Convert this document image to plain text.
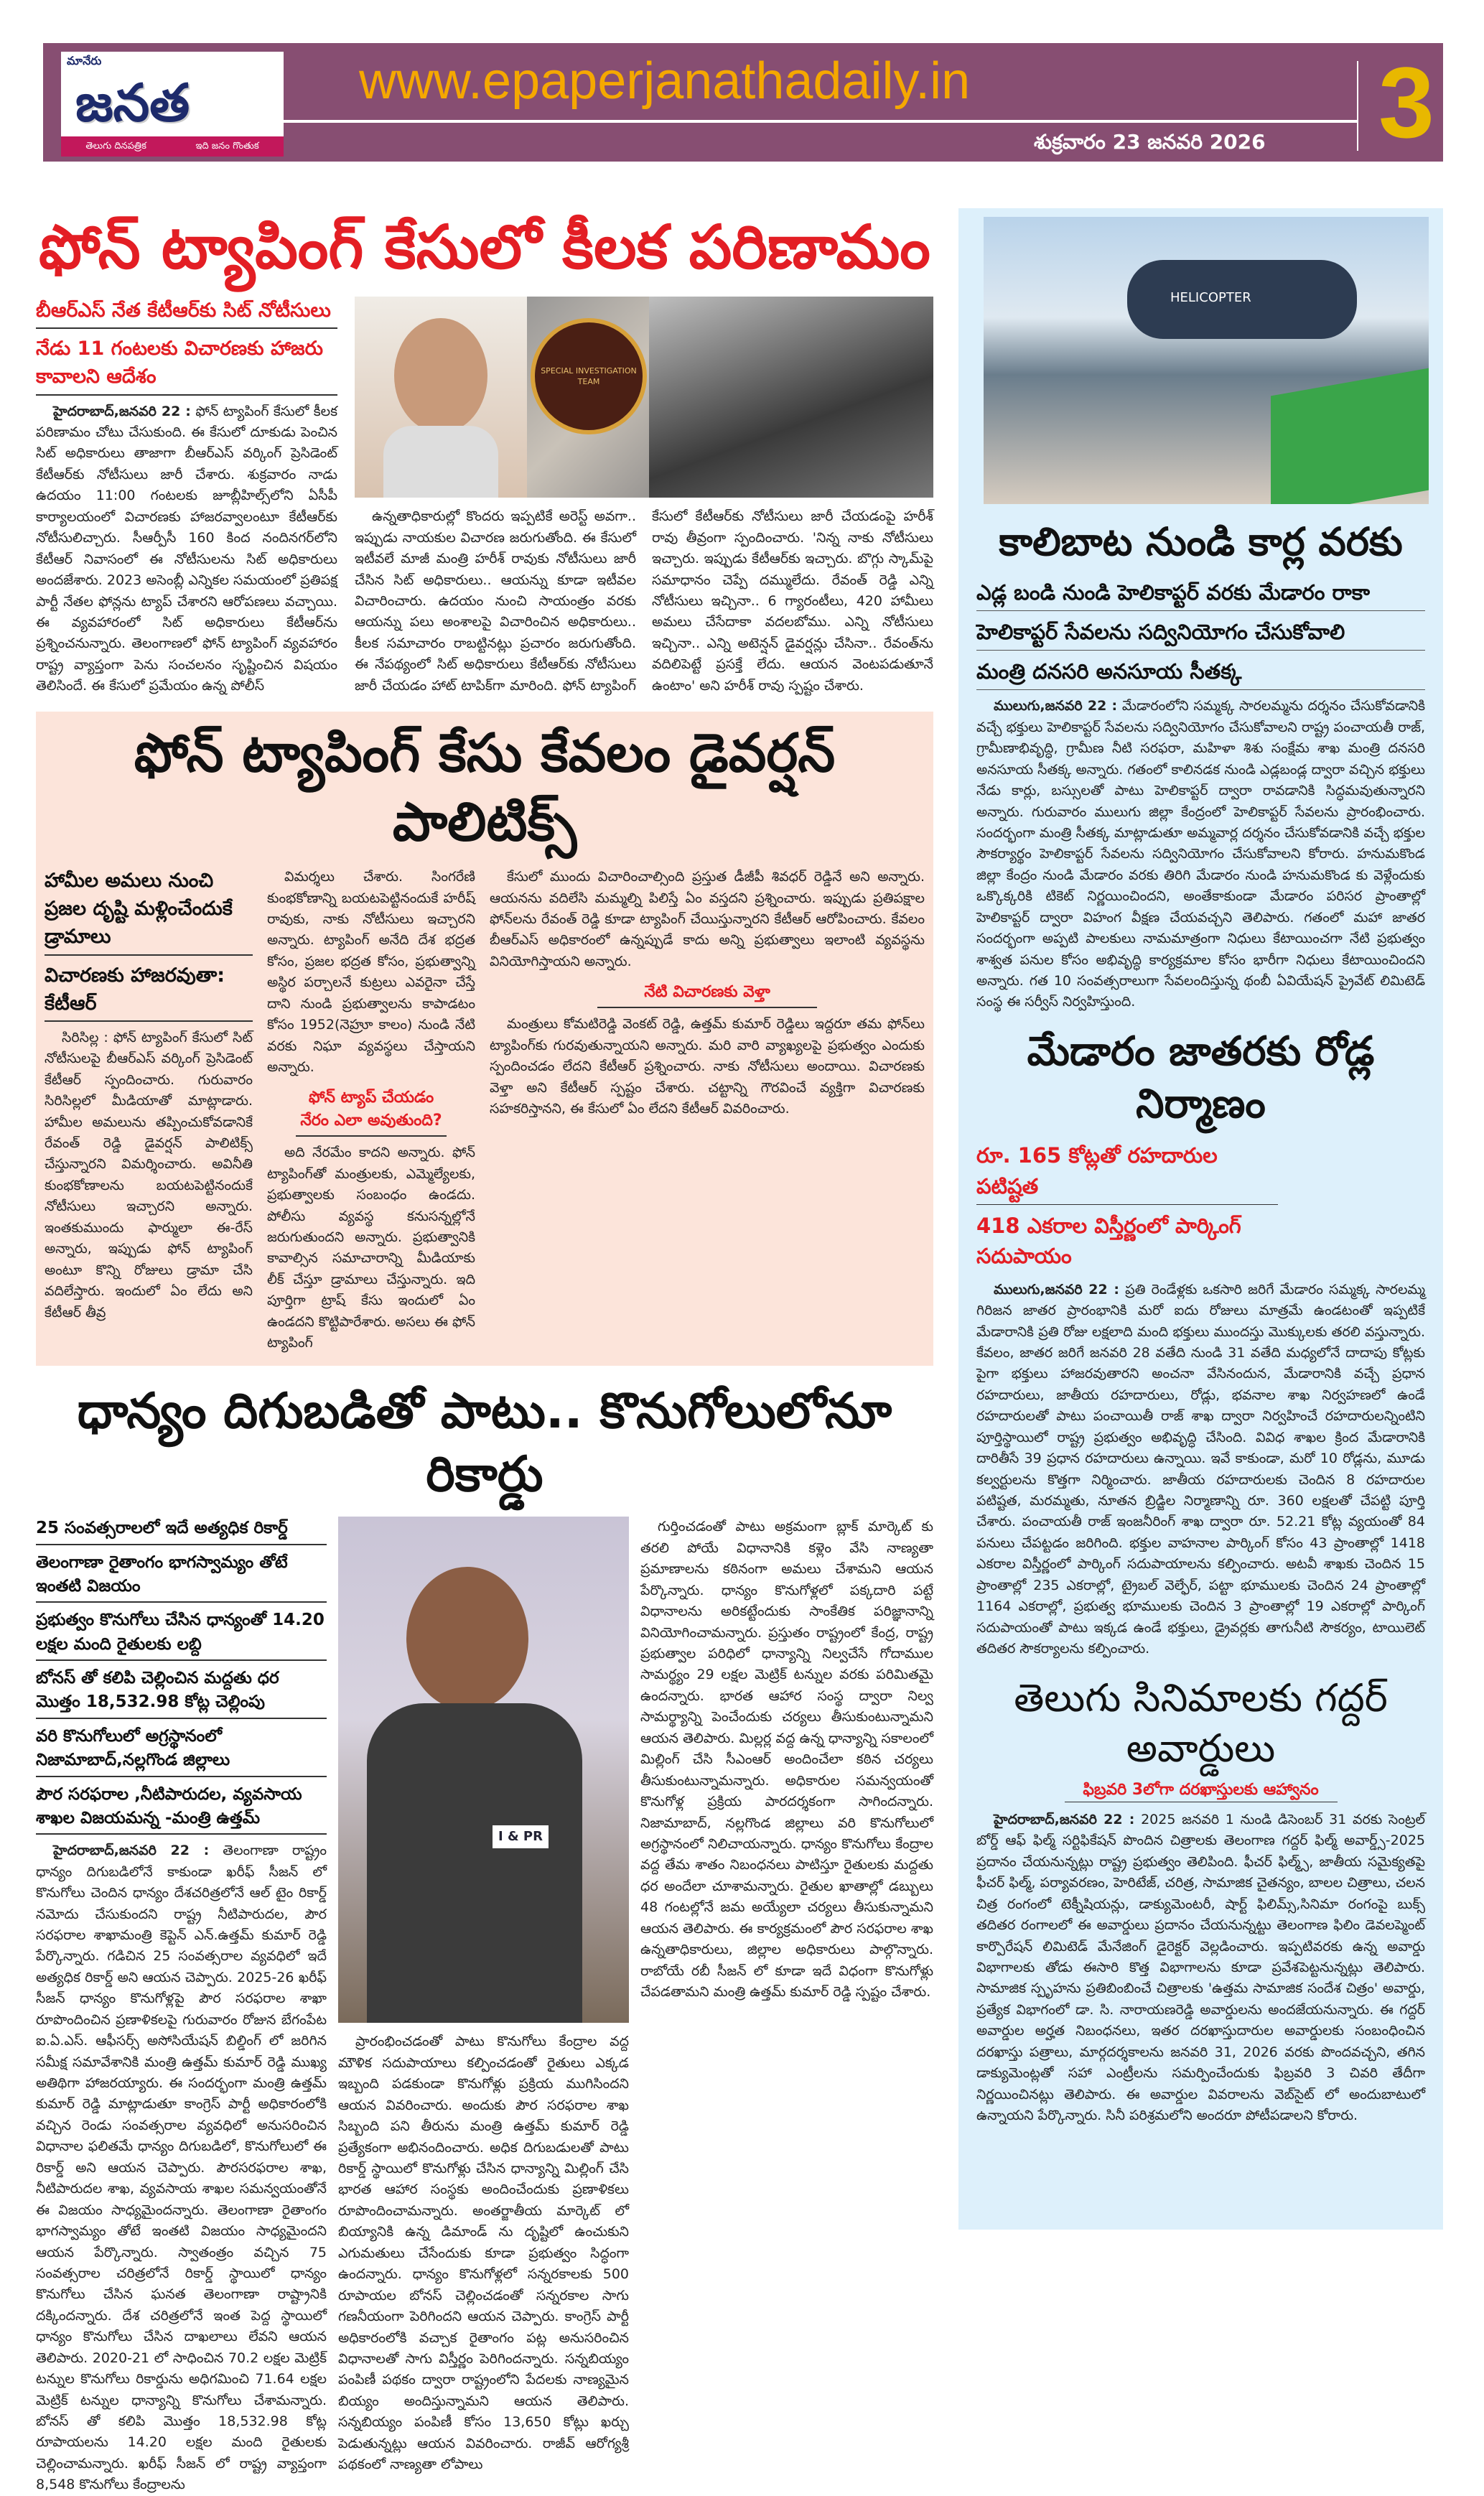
మానేరు
జనత
తెలుగు దినపత్రిక	ఇది జనం గొంతుక
www.epaperjanathadaily.in
శుక్రవారం 23 జనవరి 2026 3
ఫోన్ ట్యాపింగ్ కేసులో కీలక పరిణామం
బీఆర్ఎస్ నేత కేటీఆర్‌కు సిట్ నోటీసులు
నేడు 11 గంటలకు విచారణకు హాజరు కావాలని ఆదేశం

హైదరాబాద్,జనవరి 22 : ఫోన్ ట్యాపింగ్ కేసులో కీలక పరిణామం చోటు చేసుకుంది. ఈ కేసులో దూకుడు పెంచిన సిట్ అధికారులు తాజాగా బీఆర్ఎస్ వర్కింగ్ ప్రెసిడెంట్ కేటీఆర్‌కు నోటీసులు జారీ చేశారు. శుక్రవారం నాడు ఉదయం 11:00 గంటలకు జూబ్లీహిల్స్‌లోని ఏసీపీ కార్యాలయంలో విచారణకు హాజరవ్వాలంటూ కేటీఆర్‌కు నోటీసులిచ్చారు. సీఆర్పీసీ 160 కింద నందినగర్‌లోని కేటీఆర్ నివాసంలో ఈ నోటీసులను సిట్ అధికారులు అందజేశారు. 2023 అసెంబ్లీ ఎన్నికల సమయంలో ప్రతిపక్ష పార్టీ నేతల ఫోన్లను ట్యాప్ చేశారని ఆరోపణలు వచ్చాయి. ఈ వ్యవహారంలో సిట్ అధికారులు కేటీఆర్‌ను ప్రశ్నించనున్నారు. తెలంగాణలో ఫోన్ ట్యాపింగ్ వ్యవహారం రాష్ట్ర వ్యాప్తంగా పెను సంచలనం సృష్టించిన విషయం తెలిసిందే. ఈ కేసులో ప్రమేయం ఉన్న పోలీస్

SPECIAL INVESTIGATION TEAM

ఉన్నతాధికారుల్లో కొందరు ఇప్పటికే అరెస్ట్ అవగా.. ఇప్పుడు నాయకుల విచారణ జరుగుతోంది. ఈ కేసులో ఇటీవలే మాజీ మంత్రి హరీశ్ రావుకు నోటీసులు జారీ చేసిన సిట్ అధికారులు.. ఆయన్ను కూడా ఇటీవల విచారించారు. ఉదయం నుంచి సాయంత్రం వరకు ఆయన్ను పలు అంశాలపై విచారించిన అధికారులు.. కీలక సమాచారం రాబట్టినట్లు ప్రచారం జరుగుతోంది. ఈ నేపథ్యంలో సిట్ అధికారులు కేటీఆర్‌కు నోటీసులు జారీ చేయడం హాట్ టాపిక్‌గా మారింది. ఫోన్ ట్యాపింగ్ కేసులో కేటీఆర్‌కు నోటీసులు జారీ చేయడంపై హరీశ్ రావు తీవ్రంగా స్పందించారు. 'నిన్న నాకు నోటీసులు ఇచ్చారు. ఇప్పుడు కేటీఆర్‌కు ఇచ్చారు. బొగ్గు స్కామ్‌పై సమాధానం చెప్పే దమ్ములేదు. రేవంత్ రెడ్డి ఎన్ని నోటీసులు ఇచ్చినా.. 6 గ్యారంటీలు, 420 హామీలు అమలు చేసేదాకా వదలబోము. ఎన్ని నోటీసులు ఇచ్చినా.. ఎన్ని అటెన్షన్ డైవర్షన్లు చేసినా.. రేవంత్‌ను వదిలిపెట్టే ప్రసక్తే లేదు. ఆయన వెంటపడుతూనే ఉంటాం' అని హరీశ్ రావు స్పష్టం చేశారు.

ఫోన్ ట్యాపింగ్ కేసు కేవలం డైవర్షన్ పాలిటిక్స్
హామీల అమలు నుంచి ప్రజల దృష్టి మళ్లించేందుకే డ్రామాలు
విచారణకు హాజరవుతా: కేటీఆర్

సిరిసిల్ల : ఫోన్ ట్యాపింగ్ కేసులో సిట్ నోటీసులపై బీఆర్ఎస్ వర్కింగ్ ప్రెసిడెంట్ కేటీఆర్ స్పందించారు. గురువారం సిరిసిల్లలో మీడియాతో మాట్లాడారు. హామీల అమలును తప్పించుకోవడానికే రేవంత్ రెడ్డి డైవర్షన్ పాలిటిక్స్ చేస్తున్నారని విమర్శించారు. అవినీతి కుంభకోణాలను బయటపెట్టినందుకే నోటీసులు ఇచ్చారని అన్నారు. ఇంతకుముందు ఫార్ములా ఈ-రేస్ అన్నారు, ఇప్పుడు ఫోన్ ట్యాపింగ్ అంటూ కొన్ని రోజులు డ్రామా చేసి వదిలేస్తారు. ఇందులో ఏం లేదు అని కేటీఆర్ తీవ్ర

విమర్శలు చేశారు. సింగరేణి కుంభకోణాన్ని బయటపెట్టినందుకే హరీష్ రావుకు, నాకు నోటీసులు ఇచ్చారని అన్నారు. ట్యాపింగ్ అనేది దేశ భద్రత కోసం, ప్రజల భద్రత కోసం, ప్రభుత్వాన్ని అస్థిర పర్చాలనే కుట్రలు ఎవరైనా చేస్తే దాని నుండి ప్రభుత్వాలను కాపాడటం కోసం 1952(నెహ్రూ కాలం) నుండి నేటి వరకు నిఘా వ్యవస్థలు చేస్తాయని అన్నారు.

ఫోన్ ట్యాప్ చేయడం నేరం ఎలా అవుతుంది?

అది నేరమేం కాదని అన్నారు. ఫోన్ ట్యాపింగ్‌తో మంత్రులకు, ఎమ్మెల్యేలకు, ప్రభుత్వాలకు సంబంధం ఉండదు. పోలీసు వ్యవస్థ కనుసన్నల్లోనే జరుగుతుందని అన్నారు. ప్రభుత్వానికి కావాల్సిన సమాచారాన్ని మీడియాకు లీక్ చేస్తూ డ్రామాలు చేస్తున్నారు. ఇది పూర్తిగా ట్రాష్ కేసు ఇందులో ఏం ఉండదని కొట్టిపారేశారు. అసలు ఈ ఫోన్ ట్యాపింగ్

కేసులో ముందు విచారించాల్సింది ప్రస్తుత డీజీపీ శివధర్ రెడ్డినే అని అన్నారు. ఆయనను వదిలేసి మమ్మల్ని పిలిస్తే ఏం వస్తదని ప్రశ్నించారు. ఇప్పుడు ప్రతిపక్షాల ఫోన్‌లను రేవంత్ రెడ్డి కూడా ట్యాపింగ్ చేయిస్తున్నారని కేటీఆర్ ఆరోపించారు. కేవలం బీఆర్ఎస్ అధికారంలో ఉన్నప్పుడే కాదు అన్ని ప్రభుత్వాలు ఇలాంటి వ్యవస్థను వినియోగిస్తాయని అన్నారు.

నేటి విచారణకు వెళ్తా

మంత్రులు కోమటిరెడ్డి వెంకట్ రెడ్డి, ఉత్తమ్ కుమార్ రెడ్డిలు ఇద్దరూ తమ ఫోన్‌లు ట్యాపింగ్‌కు గురవుతున్నాయని అన్నారు. మరి వారి వ్యాఖ్యలపై ప్రభుత్వం ఎందుకు స్పందించడం లేదని కేటీఆర్ ప్రశ్నించారు. నాకు నోటీసులు అందాయి. విచారణకు వెళ్తా అని కేటీఆర్ స్పష్టం చేశారు. చట్టాన్ని గౌరవించే వ్యక్తిగా విచారణకు సహకరిస్తానని, ఈ కేసులో ఏం లేదని కేటీఆర్ వివరించారు.

ధాన్యం దిగుబడితో పాటు.. కొనుగోలులోనూ రికార్డు
25 సంవత్సరాలలో ఇదే అత్యధిక రికార్డ్
తెలంగాణా రైతాంగం భాగస్వామ్యం తోటే ఇంతటి విజయం
ప్రభుత్వం కొనుగోలు చేసిన ధాన్యంతో 14.20 లక్షల మంది రైతులకు లబ్ది
బోనస్ తో కలిపి చెల్లించిన మద్దతు ధర మొత్తం 18,532.98 కోట్ల చెల్లింపు
వరి కొనుగోలులో అగ్రస్థానంలో నిజామాబాద్,నల్లగొండ జిల్లాలు
పౌర సరఫరాల ,నీటిపారుదల, వ్యవసాయ శాఖల విజయమన్న -మంత్రి ఉత్తమ్

హైదరాబాద్,జనవరి 22 : తెలంగాణా రాష్ట్రం ధాన్యం దిగుబడిలోనే కాకుండా ఖరీఫ్ సీజన్ లో కొనుగోలు చెందిన ధాన్యం దేశచరిత్రలోనే ఆల్ టైం రికార్డ్ నమోదు చేసుకుందని రాష్ట్ర నీటిపారుదల, పౌర సరఫరాల శాఖామంత్రి కెప్టెన్ ఎన్.ఉత్తమ్ కుమార్ రెడ్డి పేర్కొన్నారు. గడిచిన 25 సంవత్సరాల వ్యవధిలో ఇదే అత్యధిక రికార్డ్ అని ఆయన చెప్పారు. 2025-26 ఖరీఫ్ సీజన్ ధాన్యం కొనుగోళ్లపై పౌర సరఫరాల శాఖా రూపొందించిన ప్రణాళికలపై గురువారం రోజున బేగంపేట ఐ.ఏ.ఎస్. ఆఫీసర్స్ అసోసియేషన్ బిల్డింగ్ లో జరిగిన సమీక్ష సమావేశానికి మంత్రి ఉత్తమ్ కుమార్ రెడ్డి ముఖ్య అతిథిగా హాజరయ్యారు. ఈ సందర్భంగా మంత్రి ఉత్తమ్ కుమార్ రెడ్డి మాట్లాడుతూ కాంగ్రెస్ పార్టీ అధికారంలోకి వచ్చిన రెండు సంవత్సరాల వ్యవధిలో అనుసరించిన విధానాల ఫలితమే ధాన్యం దిగుబడిలో, కొనుగోలులో ఈ రికార్డ్ అని ఆయన చెప్పారు. పౌరసరఫరాల శాఖ, నీటిపారుదల శాఖ, వ్యవసాయ శాఖల సమన్వయంతోనే ఈ విజయం సాధ్యమైందన్నారు. తెలంగాణా రైతాంగం భాగస్వామ్యం తోటే ఇంతటి విజయం సాధ్యమైందని ఆయన పేర్కొన్నారు. స్వాతంత్రం వచ్చిన 75 సంవత్సరాల చరిత్రలోనే రికార్డ్ స్థాయిలో ధాన్యం కొనుగోలు చేసిన ఘనత తెలంగాణా రాష్ట్రానికి దక్కిందన్నారు. దేశ చరిత్రలోనే ఇంత పెద్ద స్థాయిలో ధాన్యం కొనుగోలు చేసిన దాఖలాలు లేవని ఆయన తెలిపారు. 2020-21 లో సాధించిన 70.2 లక్షల మెట్రిక్ టన్నుల కొనుగోలు రికార్డును అధిగమించి 71.64 లక్షల మెట్రిక్ టన్నుల ధాన్యాన్ని కొనుగోలు చేశామన్నారు. బోనస్ తో కలిపి మొత్తం 18,532.98 కోట్ల రూపాయలను 14.20 లక్షల మంది రైతులకు చెల్లించామన్నారు. ఖరీఫ్ సీజన్ లో రాష్ట్ర వ్యాప్తంగా 8,548 కొనుగోలు కేంద్రాలను

I & PR

ప్రారంభించడంతో పాటు కొనుగోలు కేంద్రాల వద్ద మౌళిక సదుపాయాలు కల్పించడంతో రైతులు ఎక్కడ ఇబ్బంది పడకుండా కొనుగోళ్లు ప్రక్రియ ముగిసిందని ఆయన వివరించారు. అందుకు పౌర సరఫరాల శాఖ సిబ్బంది పని తీరును మంత్రి ఉత్తమ్ కుమార్ రెడ్డి ప్రత్యేకంగా అభినందించారు. అధిక దిగుబడులతో పాటు రికార్డ్ స్థాయిలో కొనుగోళ్లు చేసిన ధాన్యాన్ని మిల్లింగ్ చేసి భారత ఆహార సంస్థకు అందించేందుకు ప్రణాళికలు రూపొందించామన్నారు. అంతర్జాతీయ మార్కెట్ లో బియ్యానికి ఉన్న డిమాండ్ ను దృష్టిలో ఉంచుకుని ఎగుమతులు చేసేందుకు కూడా ప్రభుత్వం సిద్ధంగా ఉందన్నారు. ధాన్యం కొనుగోళ్లలో సన్నరకాలకు 500 రూపాయల బోనస్ చెల్లించడంతో సన్నరకాల సాగు గణనీయంగా పెరిగిందని ఆయన చెప్పారు. కాంగ్రెస్ పార్టీ అధికారంలోకి వచ్చాక రైతాంగం పట్ల అనుసరించిన విధానాలతో సాగు విస్తీర్ణం పెరిగిందన్నారు. సన్నబియ్యం పంపిణీ పథకం ద్వారా రాష్ట్రంలోని పేదలకు నాణ్యమైన బియ్యం అందిస్తున్నామని ఆయన తెలిపారు. సన్నబియ్యం పంపిణీ కోసం 13,650 కోట్లు ఖర్చు పెడుతున్నట్లు ఆయన వివరించారు. రాజీవ్ ఆరోగ్యశ్రీ పథకంలో నాణ్యతా లోపాలు

గుర్తించడంతో పాటు అక్రమంగా బ్లాక్ మార్కెట్ కు తరలి పోయే విధానానికి కళ్లెం వేసి నాణ్యతా ప్రమాణాలను కఠినంగా అమలు చేశామని ఆయన పేర్కొన్నారు. ధాన్యం కొనుగోళ్లలో పక్కదారి పట్టే విధానాలను అరికట్టేందుకు సాంకేతిక పరిజ్ఞానాన్ని వినియోగించామన్నారు. ప్రస్తుతం రాష్ట్రంలో కేంద్ర, రాష్ట్ర ప్రభుత్వాల పరిధిలో ధాన్యాన్ని నిల్వచేసే గోదాముల సామర్థ్యం 29 లక్షల మెట్రిక్ టన్నుల వరకు పరిమితమై ఉందన్నారు. భారత ఆహార సంస్థ ద్వారా నిల్వ సామర్థ్యాన్ని పెంచేందుకు చర్యలు తీసుకుంటున్నామని ఆయన తెలిపారు. మిల్లర్ల వద్ద ఉన్న ధాన్యాన్ని సకాలంలో మిల్లింగ్ చేసి సీఎంఆర్ అందించేలా కఠిన చర్యలు తీసుకుంటున్నామన్నారు. అధికారుల సమన్వయంతో కొనుగోళ్ల ప్రక్రియ పారదర్శకంగా సాగిందన్నారు. నిజామాబాద్, నల్లగొండ జిల్లాలు వరి కొనుగోలులో అగ్రస్థానంలో నిలిచాయన్నారు. ధాన్యం కొనుగోలు కేంద్రాల వద్ద తేమ శాతం నిబంధనలు పాటిస్తూ రైతులకు మద్దతు ధర అందేలా చూశామన్నారు. రైతుల ఖాతాల్లో డబ్బులు 48 గంటల్లోనే జమ అయ్యేలా చర్యలు తీసుకున్నామని ఆయన తెలిపారు. ఈ కార్యక్రమంలో పౌర సరఫరాల శాఖ ఉన్నతాధికారులు, జిల్లాల అధికారులు పాల్గొన్నారు. రాబోయే రబీ సీజన్ లో కూడా ఇదే విధంగా కొనుగోళ్లు చేపడతామని మంత్రి ఉత్తమ్ కుమార్ రెడ్డి స్పష్టం చేశారు.

HELICOPTER
కాలిబాట నుండి కార్ల వరకు
ఎడ్ల బండి నుండి హెలికాప్టర్ వరకు మేడారం రాకా
హెలికాప్టర్ సేవలను సద్వినియోగం చేసుకోవాలి
మంత్రి దనసరి అనసూయ సీతక్క

ములుగు,జనవరి 22 : మేడారంలోని సమ్మక్క సారలమ్మను దర్శనం చేసుకోవడానికి వచ్చే భక్తులు హెలికాప్టర్ సేవలను సద్వినియోగం చేసుకోవాలని రాష్ట్ర పంచాయతీ రాజ్, గ్రామీణాభివృద్ధి, గ్రామీణ నీటి సరఫరా, మహిళా శిశు సంక్షేమ శాఖ మంత్రి దనసరి అనసూయ సీతక్క అన్నారు. గతంలో కాలినడక నుండి ఎడ్లబండ్ల ద్వారా వచ్చిన భక్తులు నేడు కార్లు, బస్సులతో పాటు హెలికాప్టర్ ద్వారా రావడానికి సిద్ధమవుతున్నారని అన్నారు. గురువారం ములుగు జిల్లా కేంద్రంలో హెలికాప్టర్ సేవలను ప్రారంభించారు. సందర్భంగా మంత్రి సీతక్క మాట్లాడుతూ అమ్మవార్ల దర్శనం చేసుకోవడానికి వచ్చే భక్తుల సౌకర్యార్థం హెలికాప్టర్ సేవలను సద్వినియోగం చేసుకోవాలని కోరారు. హనుమకొండ జిల్లా కేంద్రం నుండి మేడారం వరకు తిరిగి మేడారం నుండి హనుమకొండ కు వెళ్లేందుకు ఒక్కొక్కరికి టికెట్ నిర్ణయించిందని, అంతేకాకుండా మేడారం పరిసర ప్రాంతాల్లో హెలికాప్టర్ ద్వారా విహంగ వీక్షణ చేయవచ్చని తెలిపారు. గతంలో మహా జాతర సందర్భంగా అప్పటి పాలకులు నామమాత్రంగా నిధులు కేటాయించగా నేటి ప్రభుత్వం శాశ్వత పనుల కోసం అభివృద్ధి కార్యక్రమాల కోసం భారీగా నిధులు కేటాయించిందని అన్నారు. గత 10 సంవత్సరాలుగా సేవలందిస్తున్న థంబీ ఏవియేషన్ ప్రైవేట్ లిమిటెడ్ సంస్థ ఈ సర్వీస్ నిర్వహిస్తుంది.

మేడారం జాతరకు రోడ్ల నిర్మాణం
రూ. 165 కోట్లతో రహదారుల పటిష్టత
418 ఎకరాల విస్తీర్ణంలో పార్కింగ్ సదుపాయం

ములుగు,జనవరి 22 : ప్రతి రెండేళ్లకు ఒకసారి జరిగే మేడారం సమ్మక్క సారలమ్మ గిరిజన జాతర ప్రారంభానికి మరో ఐదు రోజులు మాత్రమే ఉండటంతో ఇప్పటికే మేడారానికి ప్రతి రోజు లక్షలాది మంది భక్తులు ముందస్తు మొక్కులకు తరలి వస్తున్నారు. కేవలం, జాతర జరిగే జనవరి 28 వతేది నుండి 31 వతేది మధ్యలోనే దాదాపు కోట్లకు పైగా భక్తులు హాజరవుతారని అంచనా వేసినందున, మేడారానికి వచ్చే ప్రధాన రహదారులు, జాతీయ రహదారులు, రోడ్లు, భవనాల శాఖ నిర్వహణలో ఉండే రహదారులతో పాటు పంచాయితీ రాజ్ శాఖ ద్వారా నిర్వహించే రహదారులన్నింటిని పూర్తిస్థాయిలో రాష్ట్ర ప్రభుత్వం అభివృద్ధి చేసింది. వివిధ శాఖల క్రింద మేడారానికి దారితీసే 39 ప్రధాన రహదారులు ఉన్నాయి. ఇవే కాకుండా, మరో 10 రోడ్లను, మూడు కల్వర్టులను కొత్తగా నిర్మించారు. జాతీయ రహదారులకు చెందిన 8 రహదారుల పటిష్టత, మరమ్మతు, నూతన బ్రిడ్జిల నిర్మాణాన్ని రూ. 360 లక్షలతో చేపట్టి పూర్తి చేశారు. పంచాయతీ రాజ్ ఇంజనీరింగ్ శాఖ ద్వారా రూ. 52.21 కోట్ల వ్యయంతో 84 పనులు చేపట్టడం జరిగింది. భక్తుల వాహనాల పార్కింగ్ కోసం 43 ప్రాంతాల్లో 1418 ఎకరాల విస్తీర్ణంలో పార్కింగ్ సదుపాయాలను కల్పించారు. అటవీ శాఖకు చెందిన 15 ప్రాంతాల్లో 235 ఎకరాల్లో, ట్రైబల్ వెల్ఫేర్, పట్టా భూములకు చెందిన 24 ప్రాంతాల్లో 1164 ఎకరాల్లో, ప్రభుత్వ భూములకు చెందిన 3 ప్రాంతాల్లో 19 ఎకరాల్లో పార్కింగ్ సదుపాయంతో పాటు ఇక్కడ ఉండే భక్తులు, డ్రైవర్లకు తాగునీటి సౌకర్యం, టాయిలెట్ తదితర సౌకర్యాలను కల్పించారు.

తెలుగు సినిమాలకు గద్దర్ అవార్డులు
ఫిబ్రవరి 3లోగా దరఖాస్తులకు ఆహ్వానం

హైదరాబాద్,జనవరి 22 : 2025 జనవరి 1 నుండి డిసెంబర్ 31 వరకు సెంట్రల్ బోర్డ్ ఆఫ్ ఫిల్మ్ సర్టిఫికేషన్ పొందిన చిత్రాలకు తెలంగాణ గద్దర్ ఫిల్మ్ అవార్డ్స్-2025 ప్రదానం చేయనున్నట్లు రాష్ట్ర ప్రభుత్వం తెలిపింది. ఫీచర్ ఫిల్మ్స్, జాతీయ సమైక్యతపై ఫీచర్ ఫిల్మ్, పర్యావరణం, హెరిటేజ్, చరిత్ర, సామాజిక చైతన్యం, బాలల చిత్రాలు, చలన చిత్ర రంగంలో టెక్నీషియన్లు, డాక్యుమెంటరీ, షార్ట్ ఫిలిమ్స్,సినిమా రంగంపై బుక్స్ తదితర రంగాలలో ఈ అవార్డులు ప్రదానం చేయనున్నట్టు తెలంగాణ ఫిలిం డెవలప్మెంట్ కార్పొరేషన్ లిమిటెడ్ మేనేజింగ్ డైరెక్టర్ వెల్లడించారు. ఇప్పటివరకు ఉన్న అవార్డు విభాగాలకు తోడు ఈసారి కొత్త విభాగాలను కూడా ప్రవేశపెట్టనున్నట్లు తెలిపారు. సామాజిక స్పృహను ప్రతిబింబించే చిత్రాలకు 'ఉత్తమ సామాజిక సందేశ చిత్రం' అవార్డు, ప్రత్యేక విభాగంలో డా. సి. నారాయణరెడ్డి అవార్డులను అందజేయనున్నారు. ఈ గద్దర్ అవార్డుల అర్హత నిబంధనలు, ఇతర దరఖాస్తుదారుల అవార్డులకు సంబంధించిన దరఖాస్తు పత్రాలు, మార్గదర్శకాలను జనవరి 31, 2026 వరకు పొందవచ్చని, తగిన డాక్యుమెంట్లతో సహా ఎంట్రీలను సమర్పించేందుకు ఫిబ్రవరి 3 చివరి తేదీగా నిర్ణయించినట్లు తెలిపారు. ఈ అవార్డుల వివరాలను వెబ్‌సైట్ లో అందుబాటులో ఉన్నాయని పేర్కొన్నారు. సినీ పరిశ్రమలోని అందరూ పోటీపడాలని కోరారు.
